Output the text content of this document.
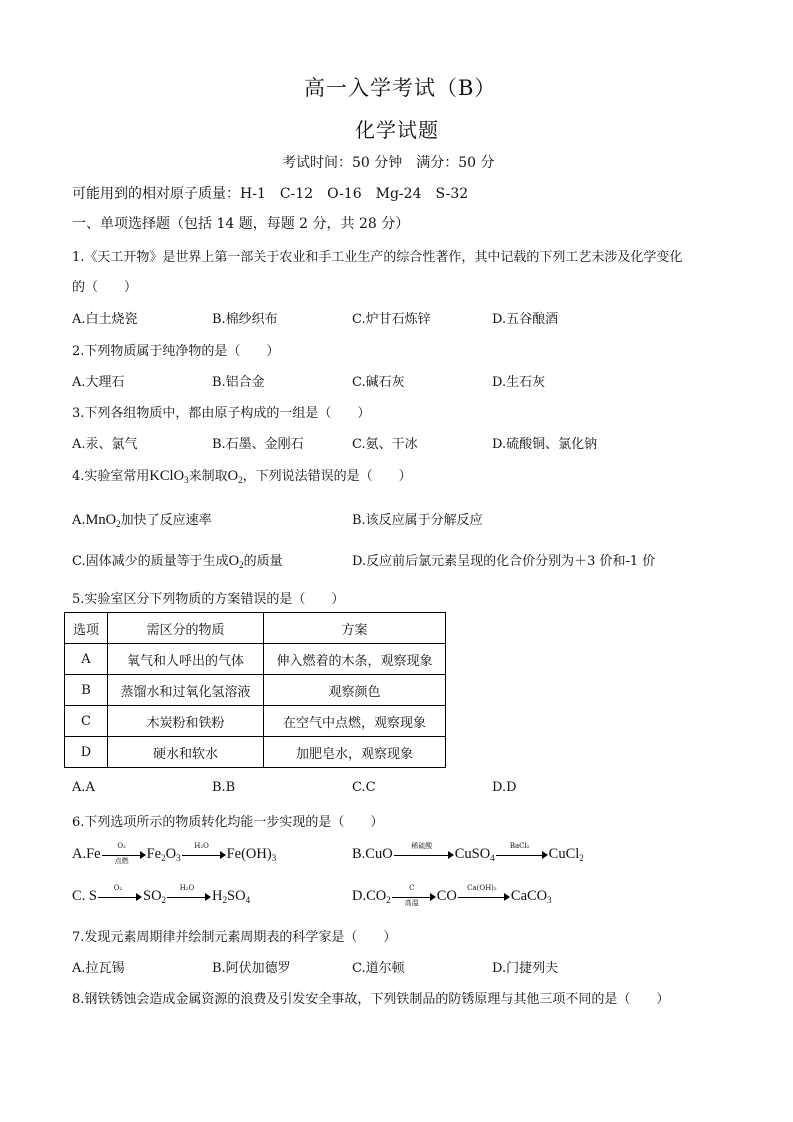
高一入学考试（B）
化学试题
考试时间：50 分钟　满分：50 分
可能用到的相对原子质量：H-1　C-12　O-16　Mg-24　S-32
一、单项选择题（包括 14 题，每题 2 分，共 28 分）
1.《天工开物》是世界上第一部关于农业和手工业生产的综合性著作，其中记载的下列工艺未涉及化学变化
的（　　）
A.白土烧瓷	B.棉纱织布	C.炉甘石炼锌	D.五谷酿酒
2.下列物质属于纯净物的是（　　）
A.大理石	B.铝合金	C.碱石灰	D.生石灰
3.下列各组物质中，都由原子构成的一组是（　　）
A.汞、氯气	B.石墨、金刚石	C.氨、干冰	D.硫酸铜、氯化钠
4.实验室常用KClO$_3$来制取$O_2$，下列说法错误的是（　　）
A.MnO$_2$加快了反应速率	B.该反应属于分解反应
C.固体减少的质量等于生成$O_2$的质量	D.反应前后氯元素呈现的化合价分别为＋3 价和-1 价
5.实验室区分下列物质的方案错误的是（　　）
选项	需区分的物质	方案
A	氧气和人呼出的气体	伸入燃着的木条，观察现象
B	蒸馏水和过氧化氢溶液	观察颜色
C	木炭粉和铁粉	在空气中点燃，观察现象
D	硬水和软水	加肥皂水，观察现象
A.A	B.B	C.C	D.D
6.下列选项所示的物质转化均能一步实现的是（　　）
A.Fe
O₂
点燃	$Fe_2O_3$
H₂O
$Fe(OH)_3$	B.CuO
稀硫酸
CuSO$_4$
BaCl₂
CuCl$_2$
C. S
O₂
$SO_2$
H₂O
$H_2SO_4$	$D.CO_2$
C
高温	CO
Ca(OH)₂
CaCO$_3$
7.发现元素周期律并绘制元素周期表的科学家是（　　）
A.拉瓦锡	B.阿伏加德罗	C.道尔顿	D.门捷列夫
8.钢铁锈蚀会造成金属资源的浪费及引发安全事故，下列铁制品的防锈原理与其他三项不同的是（　　）
